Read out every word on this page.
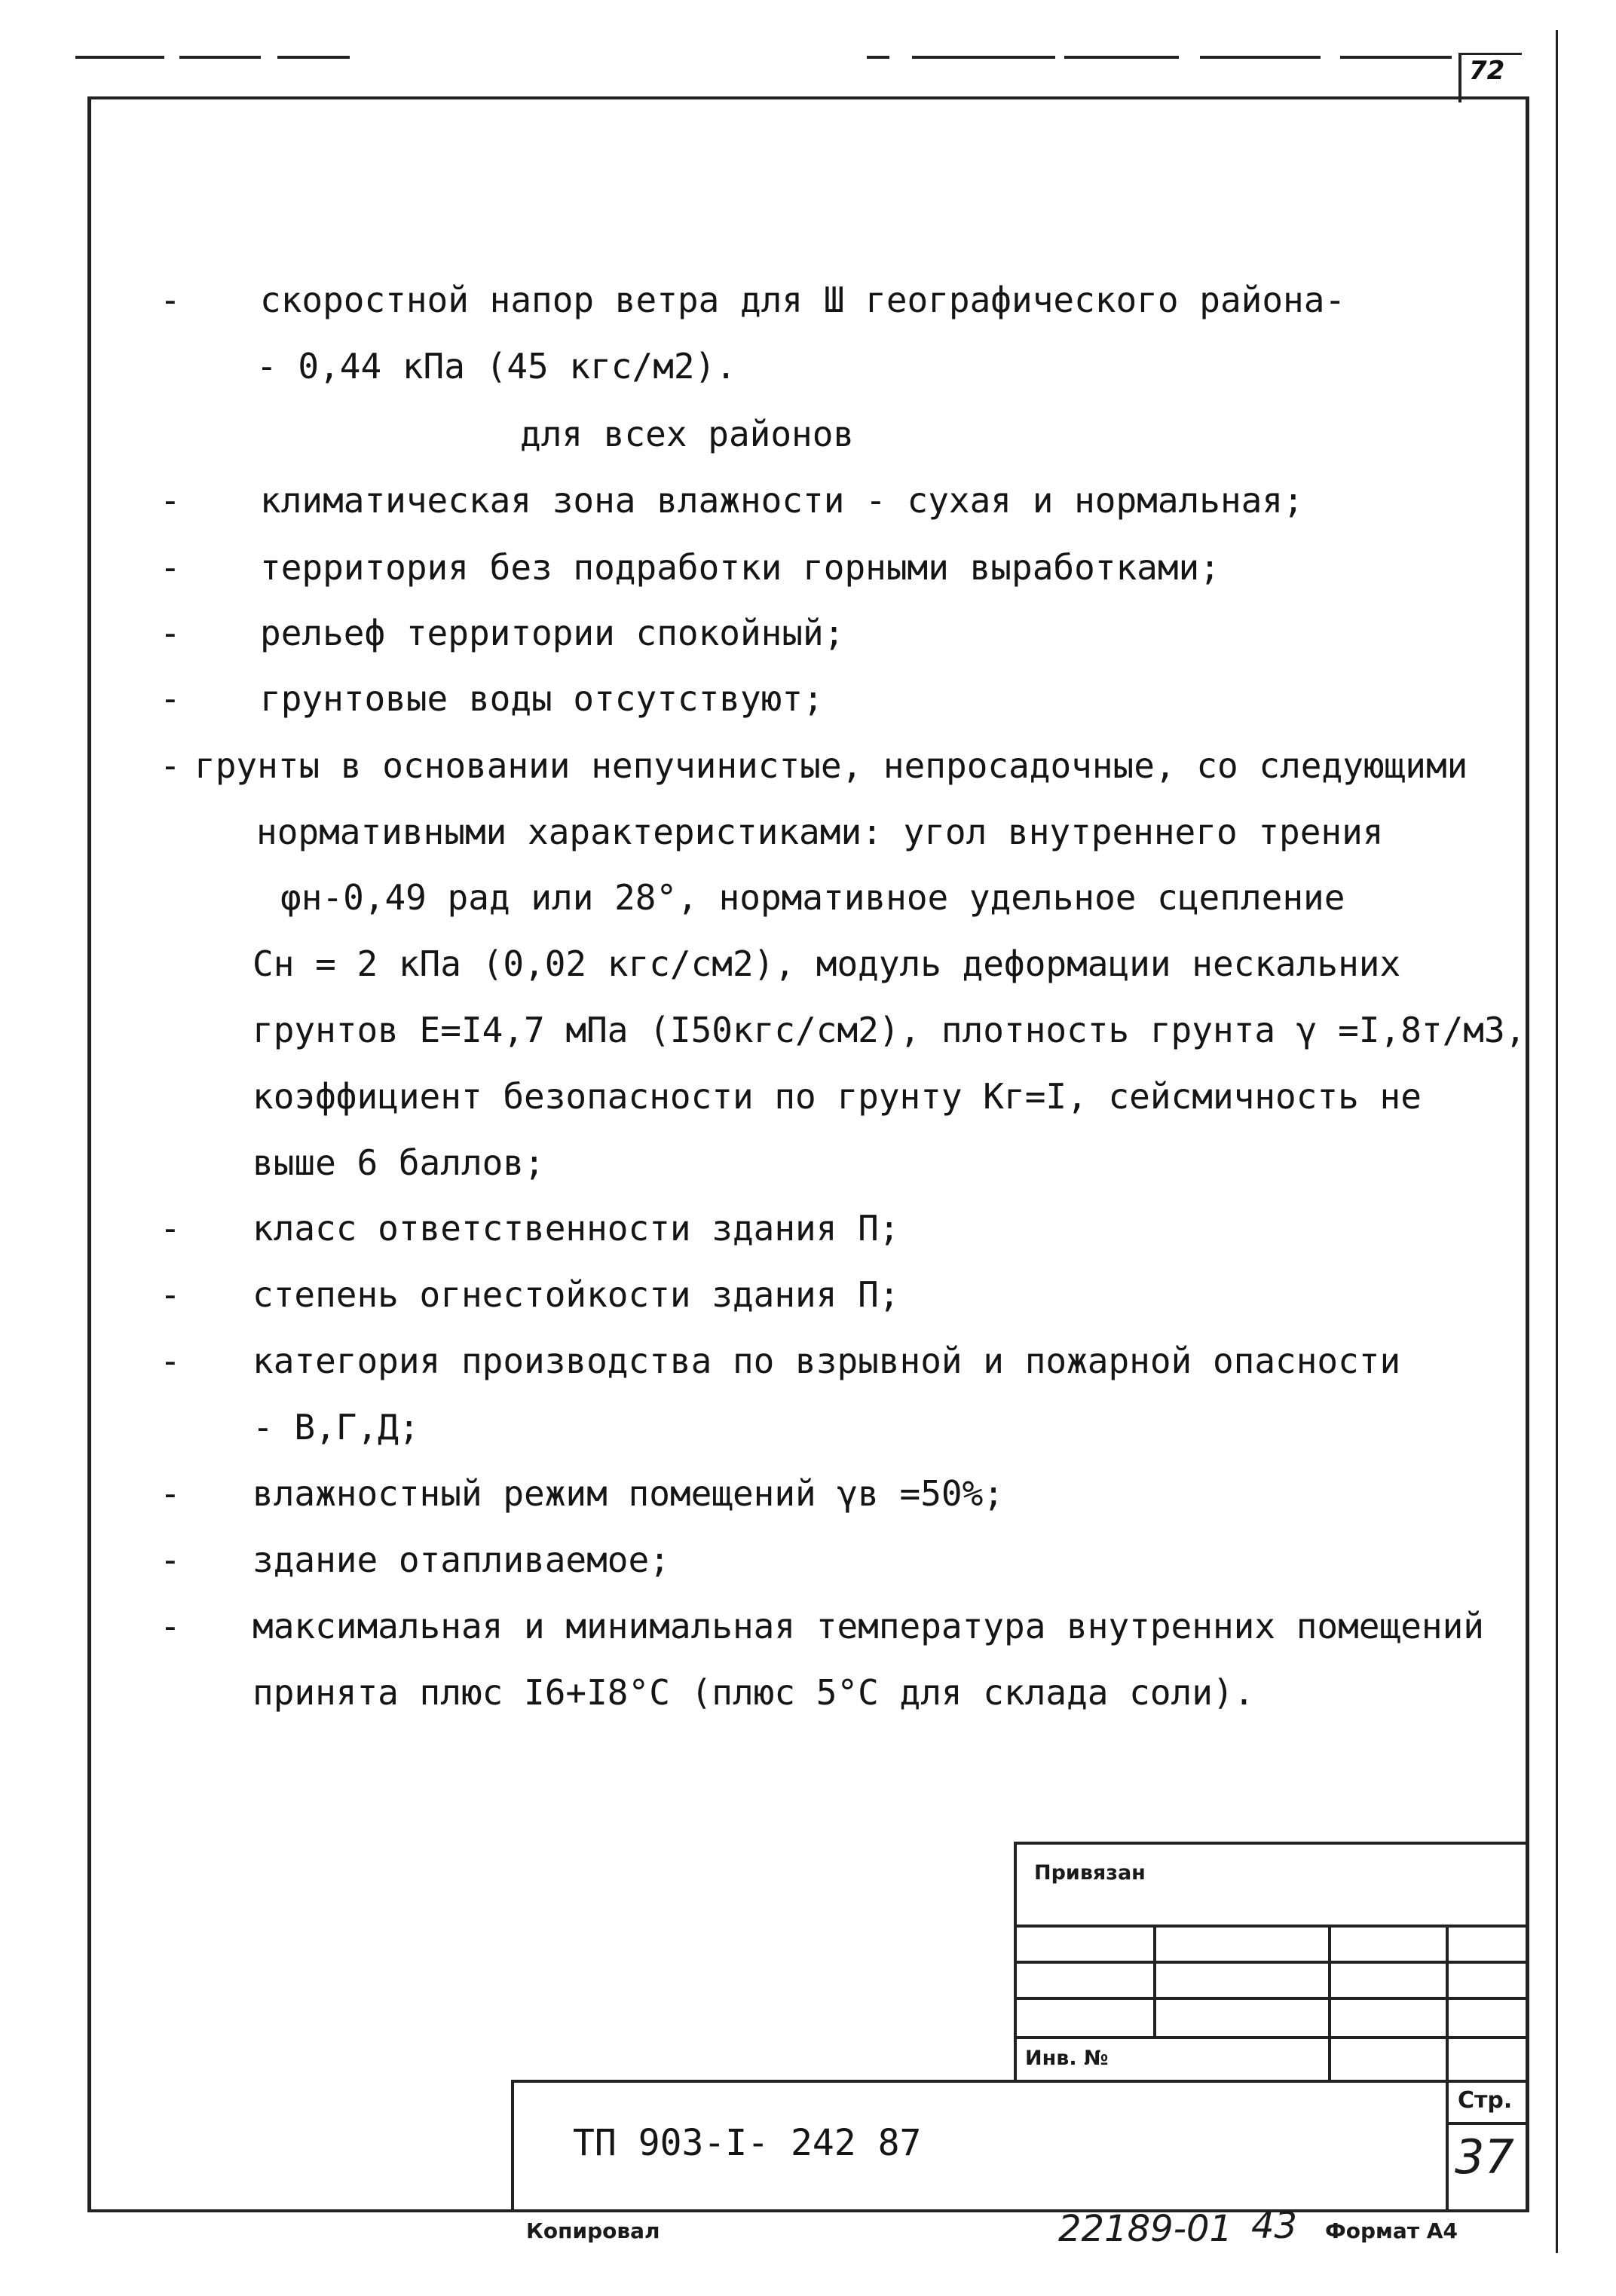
72
- скоростной напор ветра для Ш географического района-
- 0,44 кПа (45 кгс/м2).
для всех районов
- климатическая зона влажности - сухая и нормальная;
- территория без подработки горными выработками;
- рельеф территории спокойный;
- грунтовые воды отсутствуют;
- грунты в основании непучинистые, непросадочные, со следующими
нормативными характеристиками: угол внутреннего трения
φн-0,49 рад или 28°, нормативное удельное сцепление
Сн = 2 кПа (0,02 кгс/см2), модуль деформации нескальних
грунтов Е=I4,7 мПа (I50кгс/см2), плотность грунта γ =I,8т/м3,
коэффициент безопасности по грунту Кг=I, сейсмичность не
выше 6 баллов;
- класс ответственности здания П;
- степень огнестойкости здания П;
- категория производства по взрывной и пожарной опасности
- В,Г,Д;
- влажностный режим помещений γв =50%;
- здание отапливаемое;
- максимальная и минимальная температура внутренних помещений
принята плюс I6+I8°С (плюс 5°С для склада соли).
Привязан
Инв. №
ТП 903-I- 242 87
Стр.
37
Копировал	22189-01 43 Формат А4
